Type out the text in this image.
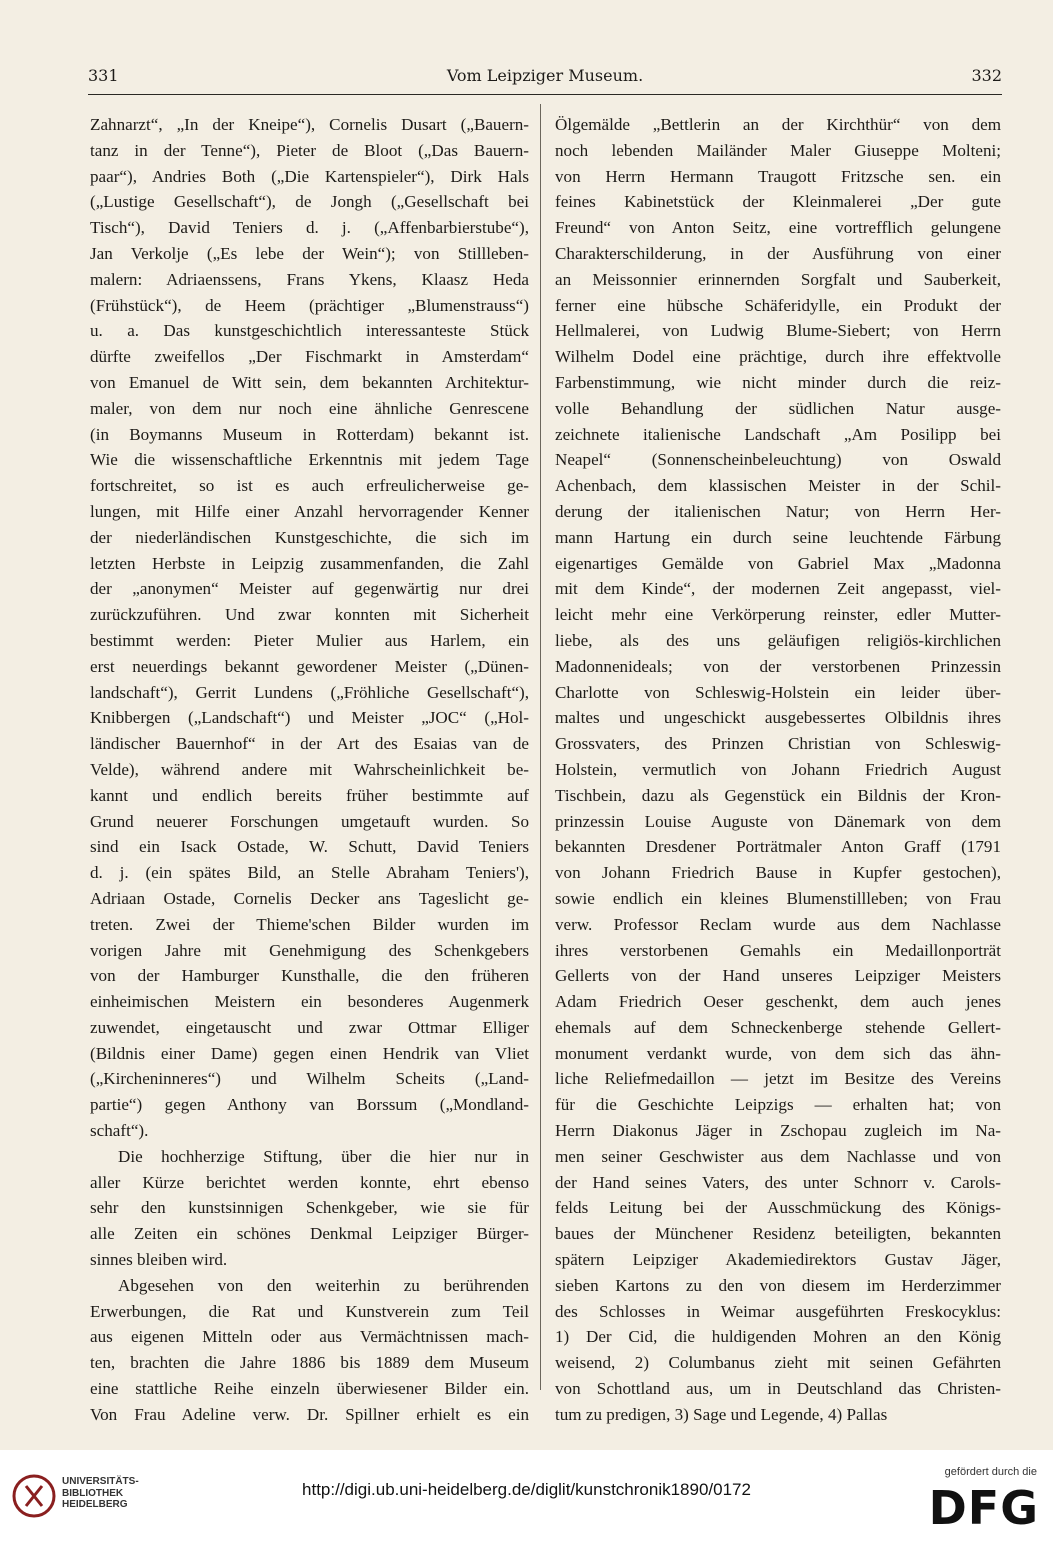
331	Vom Leipziger Museum.	332
Zahnarzt“, „In der Kneipe“), Cornelis Dusart („Bauern-
tanz in der Tenne“), Pieter de Bloot („Das Bauern-
paar“), Andries Both („Die Kartenspieler“), Dirk Hals
(„Lustige Gesellschaft“), de Jongh („Gesellschaft bei
Tisch“), David Teniers d. j. („Affenbarbierstube“),
Jan Verkolje („Es lebe der Wein“); von Stillleben-
malern: Adriaenssens, Frans Ykens, Klaasz Heda
(Frühstück“), de Heem (prächtiger „Blumenstrauss“)
u. a. Das kunstgeschichtlich interessanteste Stück
dürfte zweifellos „Der Fischmarkt in Amsterdam“
von Emanuel de Witt sein, dem bekannten Architektur-
maler, von dem nur noch eine ähnliche Genrescene
(in Boymanns Museum in Rotterdam) bekannt ist.
Wie die wissenschaftliche Erkenntnis mit jedem Tage
fortschreitet, so ist es auch erfreulicherweise ge-
lungen, mit Hilfe einer Anzahl hervorragender Kenner
der niederländischen Kunstgeschichte, die sich im
letzten Herbste in Leipzig zusammenfanden, die Zahl
der „anonymen“ Meister auf gegenwärtig nur drei
zurückzuführen. Und zwar konnten mit Sicherheit
bestimmt werden: Pieter Mulier aus Harlem, ein
erst neuerdings bekannt gewordener Meister („Dünen-
landschaft“), Gerrit Lundens („Fröhliche Gesellschaft“),
Knibbergen („Landschaft“) und Meister „JOC“ („Hol-
ländischer Bauernhof“ in der Art des Esaias van de
Velde), während andere mit Wahrscheinlichkeit be-
kannt und endlich bereits früher bestimmte auf
Grund neuerer Forschungen umgetauft wurden. So
sind ein Isack Ostade, W. Schutt, David Teniers
d. j. (ein spätes Bild, an Stelle Abraham Teniers'),
Adriaan Ostade, Cornelis Decker ans Tageslicht ge-
treten. Zwei der Thieme'schen Bilder wurden im
vorigen Jahre mit Genehmigung des Schenkgebers
von der Hamburger Kunsthalle, die den früheren
einheimischen Meistern ein besonderes Augenmerk
zuwendet, eingetauscht und zwar Ottmar Elliger
(Bildnis einer Dame) gegen einen Hendrik van Vliet
(„Kircheninneres“) und Wilhelm Scheits („Land-
partie“) gegen Anthony van Borssum („Mondland-
schaft“).
Die hochherzige Stiftung, über die hier nur in
aller Kürze berichtet werden konnte, ehrt ebenso
sehr den kunstsinnigen Schenkgeber, wie sie für
alle Zeiten ein schönes Denkmal Leipziger Bürger-
sinnes bleiben wird.
Abgesehen von den weiterhin zu berührenden
Erwerbungen, die Rat und Kunstverein zum Teil
aus eigenen Mitteln oder aus Vermächtnissen mach-
ten, brachten die Jahre 1886 bis 1889 dem Museum
eine stattliche Reihe einzeln überwiesener Bilder ein.
Von Frau Adeline verw. Dr. Spillner erhielt es ein
Ölgemälde „Bettlerin an der Kirchthür“ von dem
noch lebenden Mailänder Maler Giuseppe Molteni;
von Herrn Hermann Traugott Fritzsche sen. ein
feines Kabinetstück der Kleinmalerei „Der gute
Freund“ von Anton Seitz, eine vortrefflich gelungene
Charakterschilderung, in der Ausführung von einer
an Meissonnier erinnernden Sorgfalt und Sauberkeit,
ferner eine hübsche Schäferidylle, ein Produkt der
Hellmalerei, von Ludwig Blume-Siebert; von Herrn
Wilhelm Dodel eine prächtige, durch ihre effektvolle
Farbenstimmung, wie nicht minder durch die reiz-
volle Behandlung der südlichen Natur ausge-
zeichnete italienische Landschaft „Am Posilipp bei
Neapel“ (Sonnenscheinbeleuchtung) von Oswald
Achenbach, dem klassischen Meister in der Schil-
derung der italienischen Natur; von Herrn Her-
mann Hartung ein durch seine leuchtende Färbung
eigenartiges Gemälde von Gabriel Max „Madonna
mit dem Kinde“, der modernen Zeit angepasst, viel-
leicht mehr eine Verkörperung reinster, edler Mutter-
liebe, als des uns geläufigen religiös-kirchlichen
Madonnenideals; von der verstorbenen Prinzessin
Charlotte von Schleswig-Holstein ein leider über-
maltes und ungeschickt ausgebessertes Olbildnis ihres
Grossvaters, des Prinzen Christian von Schleswig-
Holstein, vermutlich von Johann Friedrich August
Tischbein, dazu als Gegenstück ein Bildnis der Kron-
prinzessin Louise Auguste von Dänemark von dem
bekannten Dresdener Porträtmaler Anton Graff (1791
von Johann Friedrich Bause in Kupfer gestochen),
sowie endlich ein kleines Blumenstillleben; von Frau
verw. Professor Reclam wurde aus dem Nachlasse
ihres verstorbenen Gemahls ein Medaillonporträt
Gellerts von der Hand unseres Leipziger Meisters
Adam Friedrich Oeser geschenkt, dem auch jenes
ehemals auf dem Schneckenberge stehende Gellert-
monument verdankt wurde, von dem sich das ähn-
liche Reliefmedaillon — jetzt im Besitze des Vereins
für die Geschichte Leipzigs — erhalten hat; von
Herrn Diakonus Jäger in Zschopau zugleich im Na-
men seiner Geschwister aus dem Nachlasse und von
der Hand seines Vaters, des unter Schnorr v. Carols-
felds Leitung bei der Ausschmückung des Königs-
baues der Münchener Residenz beteiligten, bekannten
spätern Leipziger Akademiedirektors Gustav Jäger,
sieben Kartons zu den von diesem im Herderzimmer
des Schlosses in Weimar ausgeführten Freskocyklus:
1) Der Cid, die huldigenden Mohren an den König
weisend, 2) Columbanus zieht mit seinen Gefährten
von Schottland aus, um in Deutschland das Christen-
tum zu predigen, 3) Sage und Legende, 4) Pallas
UNIVERSITÄTS-
BIBLIOTHEK
HEIDELBERG
http://digi.ub.uni-heidelberg.de/diglit/kunstchronik1890/0172
gefördert durch die
DFG
